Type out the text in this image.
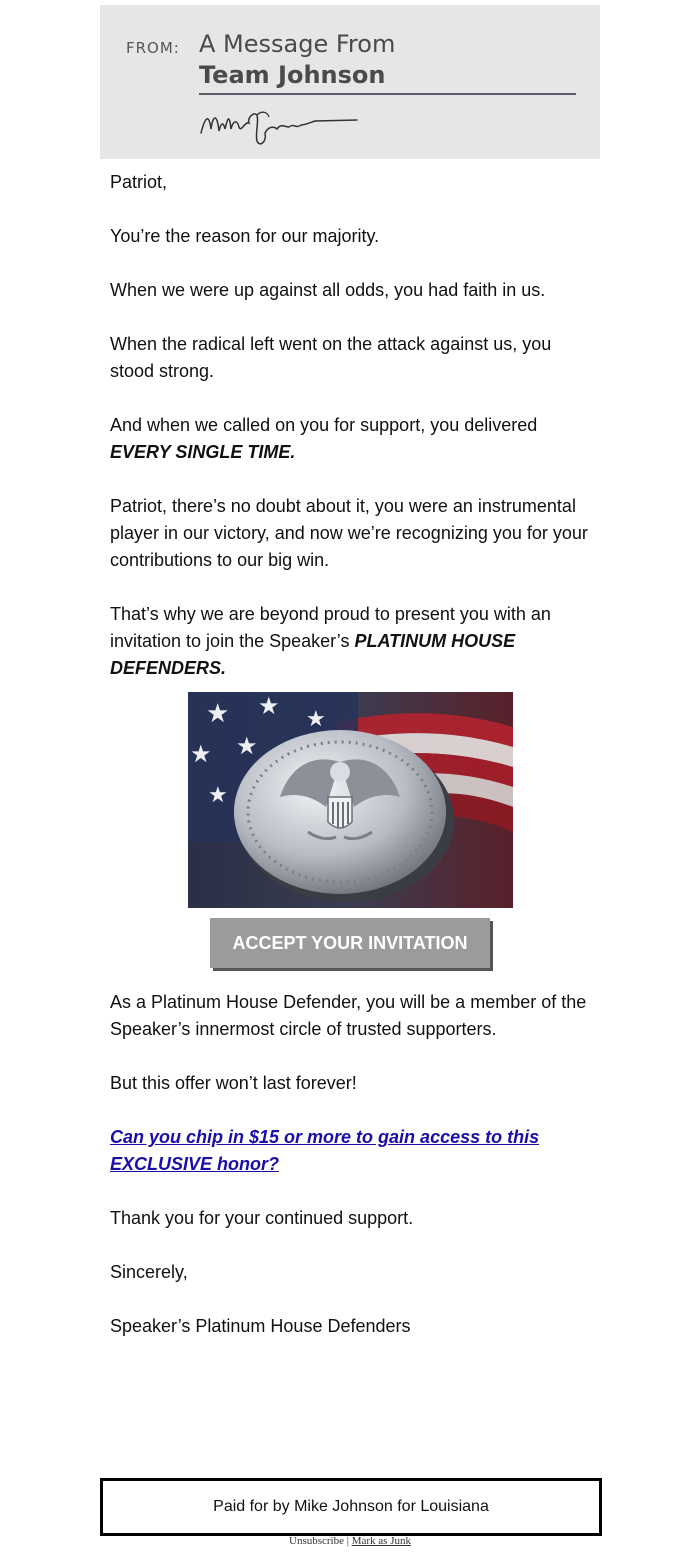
FROM: A Message From
Team Johnson

Patriot,

You’re the reason for our majority.

When we were up against all odds, you had faith in us.

When the radical left went on the attack against us, you stood strong.

And when we called on you for support, you delivered
EVERY SINGLE TIME.

Patriot, there’s no doubt about it, you were an instrumental player in our victory, and now we’re recognizing you for your contributions to our big win.

That’s why we are beyond proud to present you with an invitation to join the Speaker’s PLATINUM HOUSE DEFENDERS.

★ ★ ★
★ ★
★
ACCEPT YOUR INVITATION

As a Platinum House Defender, you will be a member of the Speaker’s innermost circle of trusted supporters.

But this offer won’t last forever!

Can you chip in $15 or more to gain access to this EXCLUSIVE honor?

Thank you for your continued support.

Sincerely,

Speaker’s Platinum House Defenders

Paid for by Mike Johnson for Louisiana
Unsubscribe | Mark as Junk
